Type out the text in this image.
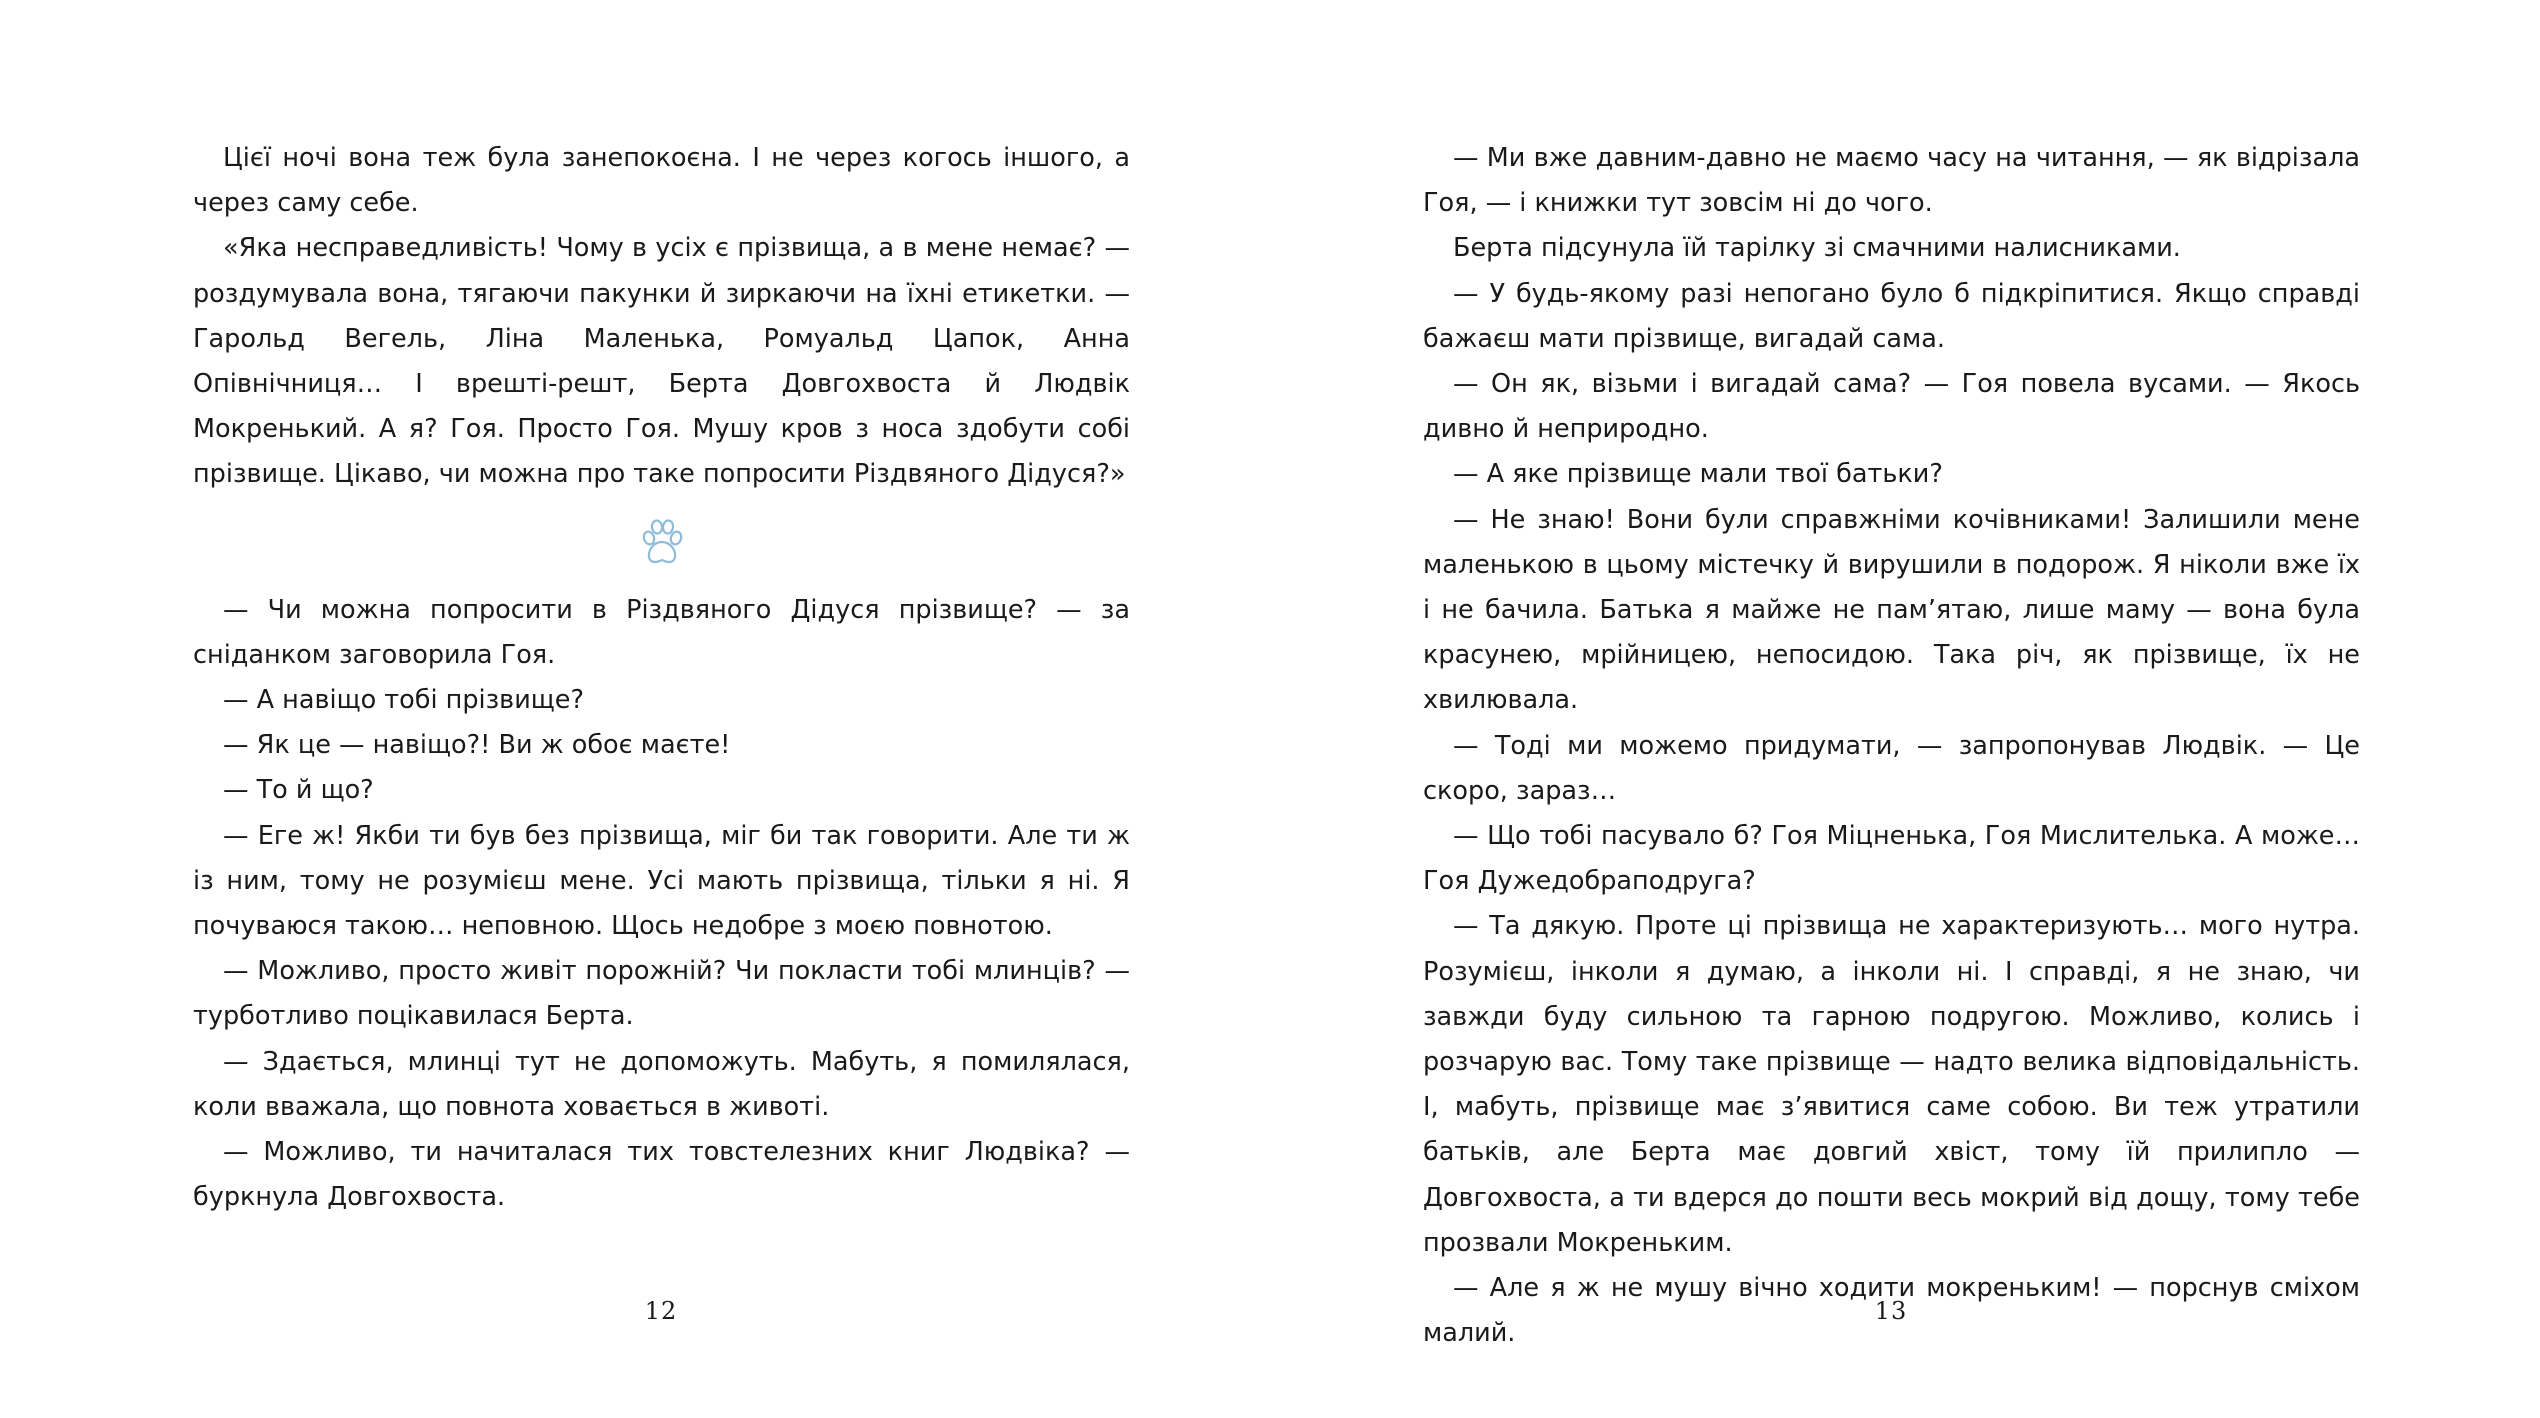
Цієї ночі вона теж була занепокоєна. І не через когось іншого, а через саму себе.

«Яка несправедливість! Чому в усіх є прізвища, а в мене немає? — роздумувала вона, тягаючи пакунки й зиркаючи на їхні етикетки. — Гарольд Вегель, Ліна Маленька, Ромуальд Цапок, Анна Опівнічниця… І врешті-решт, Берта Довгохвоста й Людвік Мокренький. А я? Гоя. Просто Гоя. Мушу кров з носа здобути собі прізвище. Цікаво, чи можна про таке попросити Різдвяного Дідуся?»

— Чи можна попросити в Різдвяного Дідуся прізвище? — за сніданком заговорила Гоя.

— А навіщо тобі прізвище?

— Як це — навіщо?! Ви ж обоє маєте!

— То й що?

— Еге ж! Якби ти був без прізвища, міг би так говорити. Але ти ж із ним, тому не розумієш мене. Усі мають прізвища, тільки я ні. Я почуваюся такою… неповною. Щось недобре з моєю повнотою.

— Можливо, просто живіт порожній? Чи покласти тобі млинців? — турботливо поцікавилася Берта.

— Здається, млинці тут не допоможуть. Мабуть, я помилялася, коли вважала, що повнота ховається в животі.

— Можливо, ти начиталася тих товстелезних книг Людвіка? — буркнула Довгохвоста.

— Ми вже давним-давно не маємо часу на читання, — як відрізала Гоя, — і книжки тут зовсім ні до чого.

Берта підсунула їй тарілку зі смачними налисниками.

— У будь-якому разі непогано було б підкріпитися. Якщо справді бажаєш мати прізвище, вигадай сама.

— Он як, візьми і вигадай сама? — Гоя повела вусами. — Якось дивно й неприродно.

— А яке прізвище мали твої батьки?

— Не знаю! Вони були справжніми кочівниками! Залишили мене маленькою в цьому містечку й вирушили в подорож. Я ніколи вже їх і не бачила. Батька я майже не пам’ятаю, лише маму — вона була красунею, мрійницею, непосидою. Така річ, як прізвище, їх не хвилювала.

— Тоді ми можемо придумати, — запропонував Людвік. — Це скоро, зараз…

— Що тобі пасувало б? Гоя Міцненька, Гоя Мислителька. А може… Гоя Дужедобраподруга?

— Та дякую. Проте ці прізвища не характеризують… мого нутра. Розумієш, інколи я думаю, а інколи ні. І справді, я не знаю, чи завжди буду сильною та гарною подругою. Можливо, колись і розчарую вас. Тому таке прізвище — надто велика відповідальність. І, мабуть, прізвище має з’явитися саме собою. Ви теж утратили батьків, але Берта має довгий хвіст, тому їй прилипло — Довгохвоста, а ти вдерся до пошти весь мокрий від дощу, тому тебе прозвали Мокреньким.

— Але я ж не мушу вічно ходити мокреньким! — порснув сміхом малий.

12	13
